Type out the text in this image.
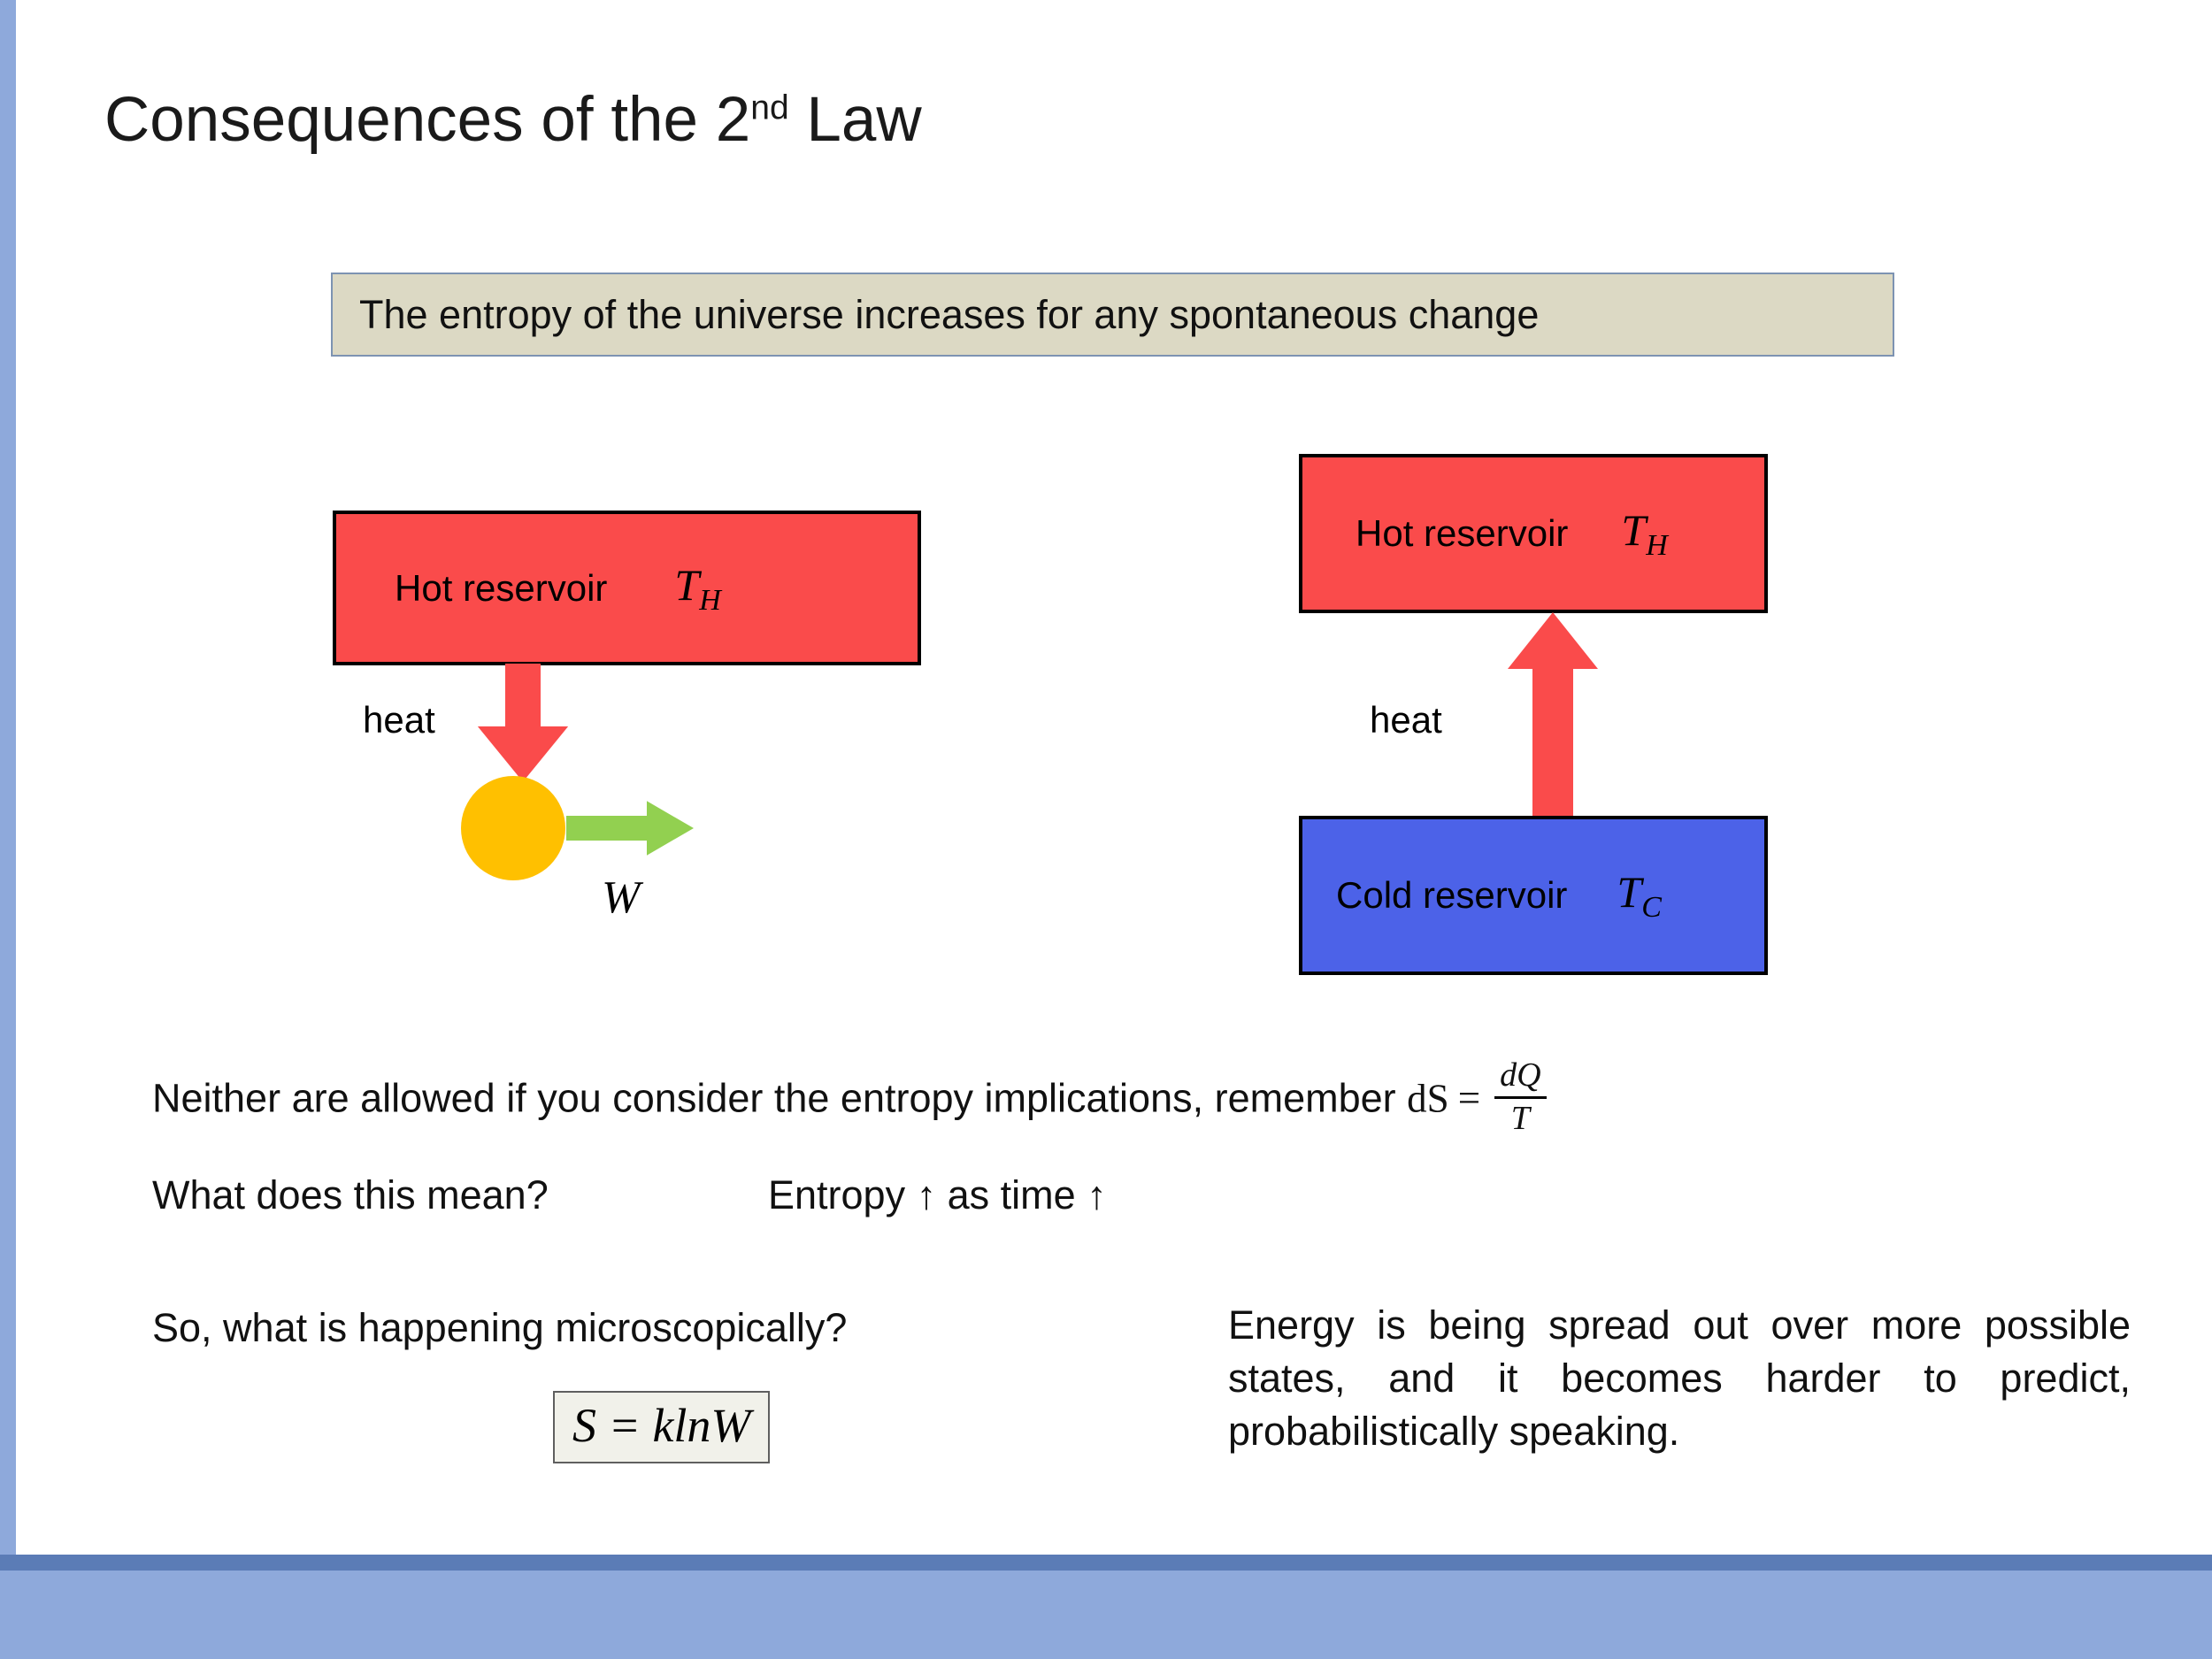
Consequences of the 2nd Law
The entropy of the universe increases for any spontaneous change
Hot reservoir $T_H$
heat
W
Hot reservoir $T_H$
heat
Cold reservoir $T_C$
Neither are allowed if you consider the entropy implications, remember dS = $\frac{dQ}{T}$
What does this mean?	Entropy ↑ as time ↑
So, what is happening microscopically?
S = klnW
Energy is being spread out over more possible states, and it becomes harder to predict, probabilistically speaking.
